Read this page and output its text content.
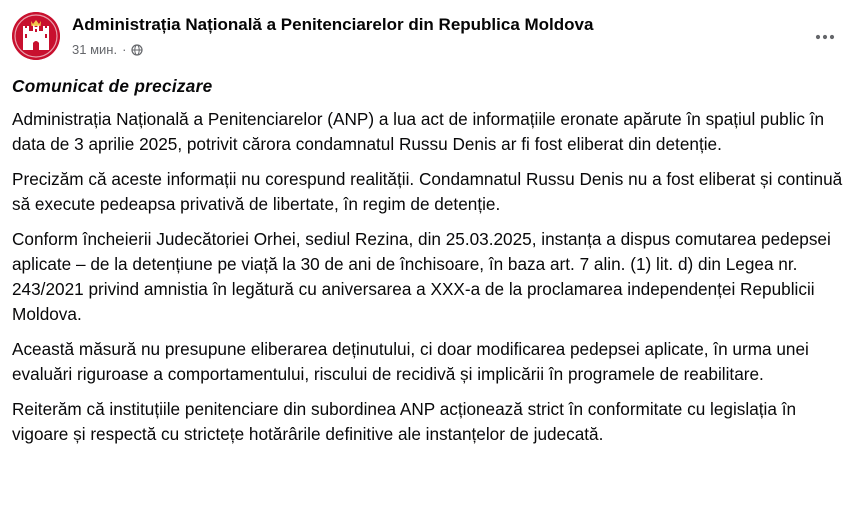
Administrația Națională a Penitenciarelor din Republica Moldova
31 мин. ·
Comunicat de precizare

Administrația Națională a Penitenciarelor (ANP) a lua act de informațiile eronate apărute în spațiul public în data de 3 aprilie 2025, potrivit cărora condamnatul Russu Denis ar fi fost eliberat din detenție.

Precizăm că aceste informații nu corespund realității. Condamnatul Russu Denis nu a fost eliberat și continuă să execute pedeapsa privativă de libertate, în regim de detenție.

Conform încheierii Judecătoriei Orhei, sediul Rezina, din 25.03.2025, instanța a dispus comutarea pedepsei aplicate – de la detențiune pe viață la 30 de ani de închisoare, în baza art. 7 alin. (1) lit. d) din Legea nr. 243/2021 privind amnistia în legătură cu aniversarea a XXX-a de la proclamarea independenței Republicii Moldova.

Această măsură nu presupune eliberarea deținutului, ci doar modificarea pedepsei aplicate, în urma unei evaluări riguroase a comportamentului, riscului de recidivă și implicării în programele de reabilitare.

Reiterăm că instituțiile penitenciare din subordinea ANP acționează strict în conformitate cu legislația în vigoare și respectă cu strictețe hotărârile definitive ale instanțelor de judecată.
